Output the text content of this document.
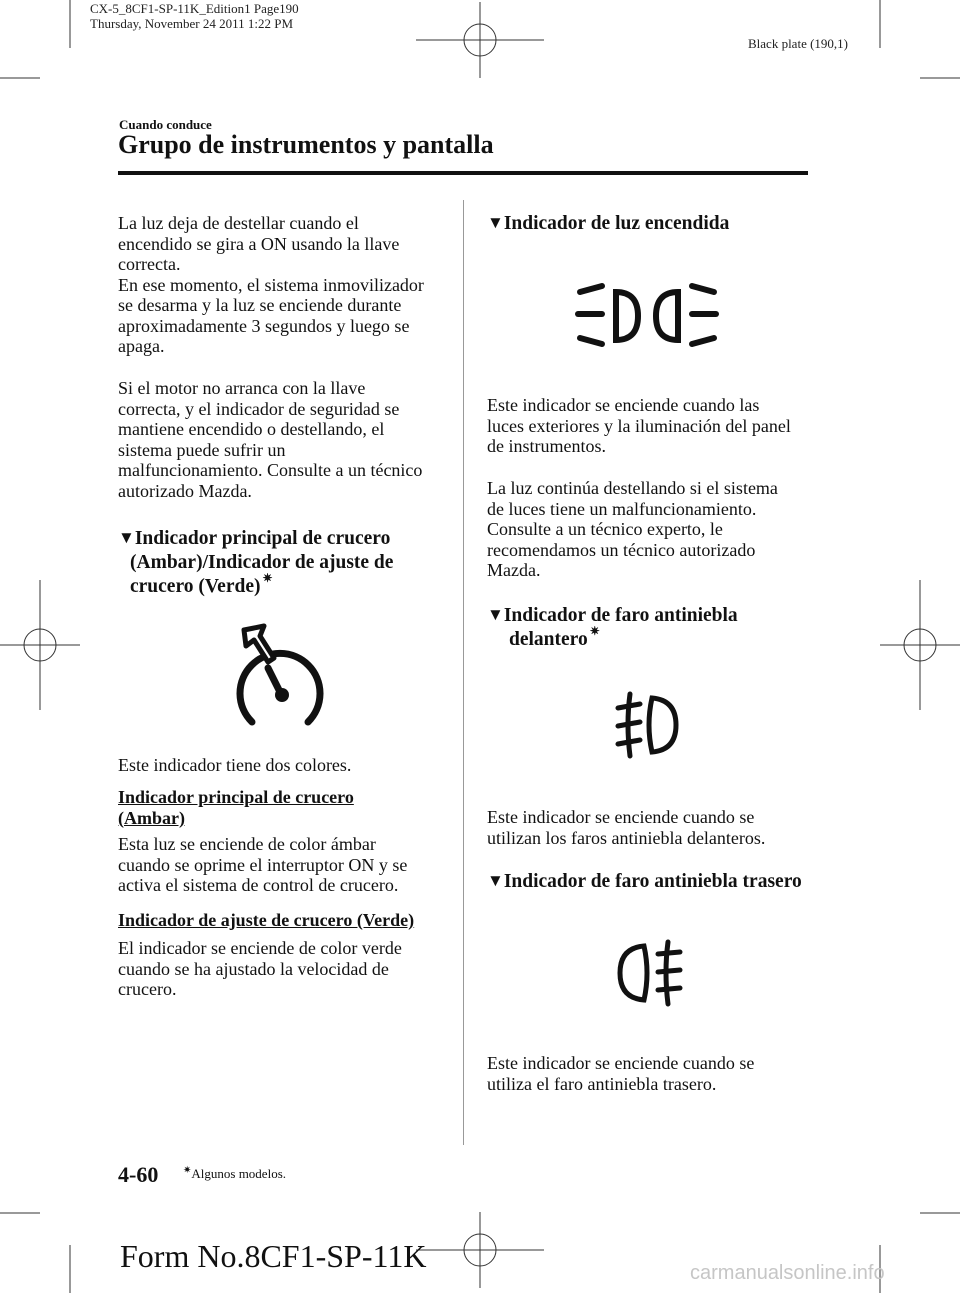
CX-5_8CF1-SP-11K_Edition1 Page190
Thursday, November 24 2011 1:22 PM
Black plate (190,1)
Cuando conduce
Grupo de instrumentos y pantalla

La luz deja de destellar cuando el

encendido se gira a ON usando la llave

correcta.

En ese momento, el sistema inmovilizador

se desarma y la luz se enciende durante

aproximadamente 3 segundos y luego se

apaga.

Si el motor no arranca con la llave

correcta, y el indicador de seguridad se

mantiene encendido o destellando, el

sistema puede sufrir un

malfuncionamiento. Consulte a un técnico

autorizado Mazda.

▼Indicador principal de crucero

(Ambar)/Indicador de ajuste de

crucero (Verde) ✷

Este indicador tiene dos colores.

Indicador principal de crucero

(Ambar)

Esta luz se enciende de color ámbar

cuando se oprime el interruptor ON y se

activa el sistema de control de crucero.

Indicador de ajuste de crucero (Verde)

El indicador se enciende de color verde

cuando se ha ajustado la velocidad de

crucero.

▼Indicador de luz encendida

Este indicador se enciende cuando las

luces exteriores y la iluminación del panel

de instrumentos.

La luz continúa destellando si el sistema

de luces tiene un malfuncionamiento.

Consulte a un técnico experto, le

recomendamos un técnico autorizado

Mazda.

▼Indicador de faro antiniebla

delantero ✷

Este indicador se enciende cuando se

utilizan los faros antiniebla delanteros.

▼Indicador de faro antiniebla trasero

Este indicador se enciende cuando se

utiliza el faro antiniebla trasero.

4-60 ✷Algunos modelos.
Form No.8CF1-SP-11K	carmanualsonline.info
